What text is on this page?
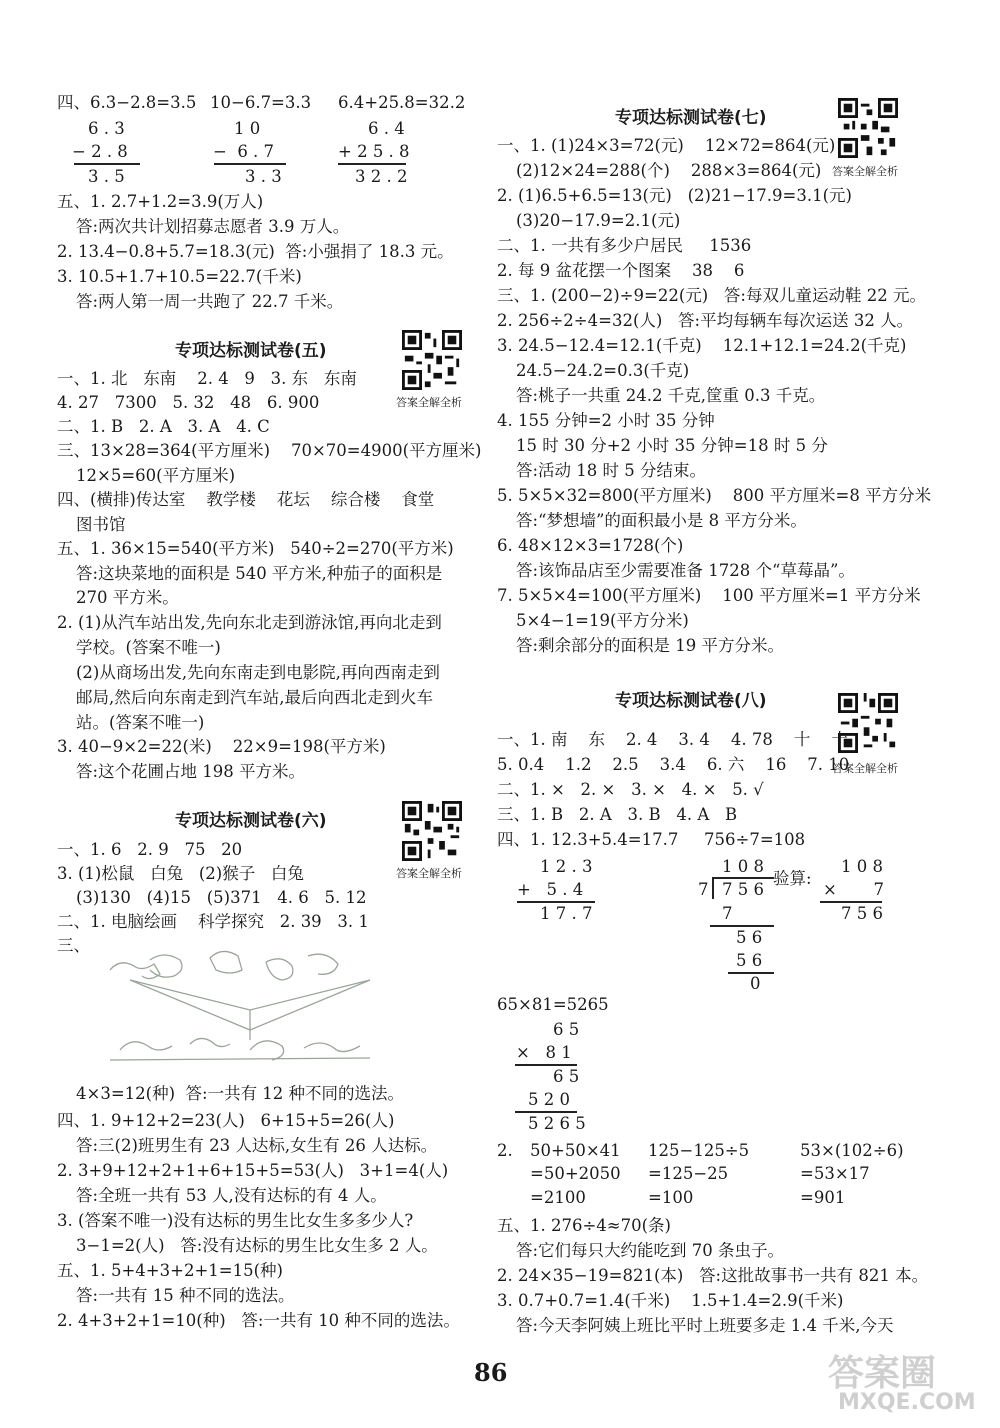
四、6.3−2.8=3.5 10−6.7=3.3 6.4+25.8=32.2
6 . 3
− 2 . 8
3 . 5
1 0
−  6 . 7
3 . 3
6 . 4
+ 2 5 . 8
3 2 . 2
五、1. 2.7+1.2=3.9(万人)
答:两次共计划招募志愿者 3.9 万人。
2. 13.4−0.8+5.7=18.3(元)  答:小强捐了 18.3 元。
3. 10.5+1.7+10.5=22.7(千米)
答:两人第一周一共跑了 22.7 千米。
专项达标测试卷(五)
答案全解全析
一、1. 北   东南    2. 4   9   3. 东   东南
4. 27   7300   5. 32   48   6. 900
二、1. B   2. A   3. A   4. C
三、13×28=364(平方厘米)    70×70=4900(平方厘米)
12×5=60(平方厘米)
四、(横排)传达室    教学楼    花坛    综合楼    食堂
图书馆
五、1. 36×15=540(平方米)   540÷2=270(平方米)
答:这块菜地的面积是 540 平方米,种茄子的面积是
270 平方米。
2. (1)从汽车站出发,先向东北走到游泳馆,再向北走到
学校。(答案不唯一)
(2)从商场出发,先向东南走到电影院,再向西南走到
邮局,然后向东南走到汽车站,最后向西北走到火车
站。(答案不唯一)
3. 40−9×2=22(米)    22×9=198(平方米)
答:这个花圃占地 198 平方米。
专项达标测试卷(六)
答案全解全析
一、1. 6   2. 9   75   20
3. (1)松鼠   白兔   (2)猴子   白兔
(3)130   (4)15   (5)371   4. 6   5. 12
二、1. 电脑绘画    科学探究   2. 39   3. 1
三、
4×3=12(种)  答:一共有 12 种不同的选法。
四、1. 9+12+2=23(人)   6+15+5=26(人)
答:三(2)班男生有 23 人达标,女生有 26 人达标。
2. 3+9+12+2+1+6+15+5=53(人)   3+1=4(人)
答:全班一共有 53 人,没有达标的有 4 人。
3. (答案不唯一)没有达标的男生比女生多多少人?
3−1=2(人)   答:没有达标的男生比女生多 2 人。
五、1. 5+4+3+2+1=15(种)
答:一共有 15 种不同的选法。
2. 4+3+2+1=10(种)   答:一共有 10 种不同的选法。
专项达标测试卷(七)
答案全解全析
一、1. (1)24×3=72(元)    12×72=864(元)
(2)12×24=288(个)    288×3=864(元)
2. (1)6.5+6.5=13(元)   (2)21−17.9=3.1(元)
(3)20−17.9=2.1(元)
二、1. 一共有多少户居民     1536
2. 每 9 盆花摆一个图案    38    6
三、1. (200−2)÷9=22(元)   答:每双儿童运动鞋 22 元。
2. 256÷2÷4=32(人)   答:平均每辆车每次运送 32 人。
3. 24.5−12.4=12.1(千克)    12.1+12.1=24.2(千克)
24.5−24.2=0.3(千克)
答:桃子一共重 24.2 千克,筐重 0.3 千克。
4. 155 分钟=2 小时 35 分钟
15 时 30 分+2 小时 35 分钟=18 时 5 分
答:活动 18 时 5 分结束。
5. 5×5×32=800(平方厘米)    800 平方厘米=8 平方分米
答:“梦想墙”的面积最小是 8 平方分米。
6. 48×12×3=1728(个)
答:该饰品店至少需要准备 1728 个“草莓晶”。
7. 5×5×4=100(平方厘米)    100 平方厘米=1 平方分米
5×4−1=19(平方分米)
答:剩余部分的面积是 19 平方分米。
专项达标测试卷(八)
答案全解全析
一、1. 南    东    2. 4    3. 4    4. 78    十    十
5. 0.4    1.2    2.5    3.4    6. 六    16    7. 10
二、1. ×   2. ×   3. ×   4. ×   5. √
三、1. B   2. A   3. B   4. A   B
四、1. 12.3+5.4=17.7 756÷7=108
1 2 . 3
+   5 . 4
1 7 . 7
1 0 8
7 7 5 6
7
5 6
5 6
0
验算:
1 0 8
×       7
7 5 6
65×81=5265
6 5
×   8 1
6 5
5 2 0
5 2 6 5
2. 50+50×41
=50+2050
=2100
125−125÷5
=125−25
=100
53×(102÷6)
=53×17
=901
五、1. 276÷4≈70(条)
答:它们每只大约能吃到 70 条虫子。
2. 24×35−19=821(本)   答:这批故事书一共有 821 本。
3. 0.7+0.7=1.4(千米)    1.5+1.4=2.9(千米)
答:今天李阿姨上班比平时上班要多走 1.4 千米,今天
86	答案圈
MXQE.COM
